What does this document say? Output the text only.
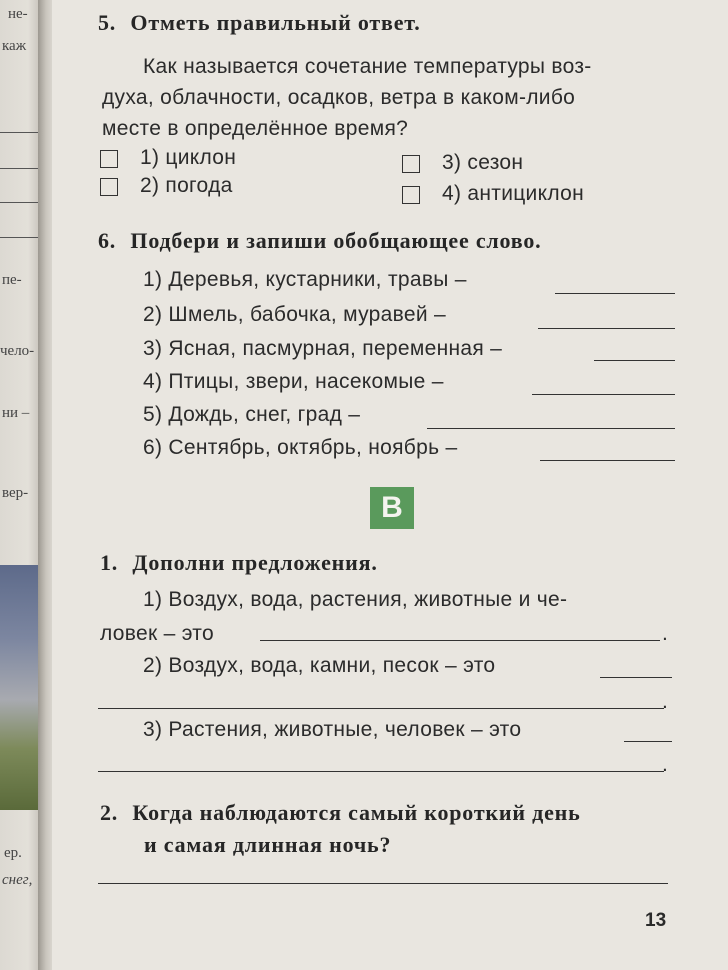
не-
каж
пе-
чело-
ни –
вер-
ер.
снег,
5. Отметь правильный ответ.
Как называется сочетание температуры воз-
духа, облачности, осадков, ветра в каком-либо
месте в определённое время?
1) циклон
2) погода
3) сезон
4) антициклон
6. Подбери и запиши обобщающее слово.
1) Деревья, кустарники, травы –
2) Шмель, бабочка, муравей –
3) Ясная, пасмурная, переменная –
4) Птицы, звери, насекомые –
5) Дождь, снег, град –
6) Сентябрь, октябрь, ноябрь –
В
1. Дополни предложения.
1) Воздух, вода, растения, животные и че-
ловек – это	.
2) Воздух, вода, камни, песок – это
.
3) Растения, животные, человек – это
.
2. Когда наблюдаются самый короткий день
и самая длинная ночь?
13
